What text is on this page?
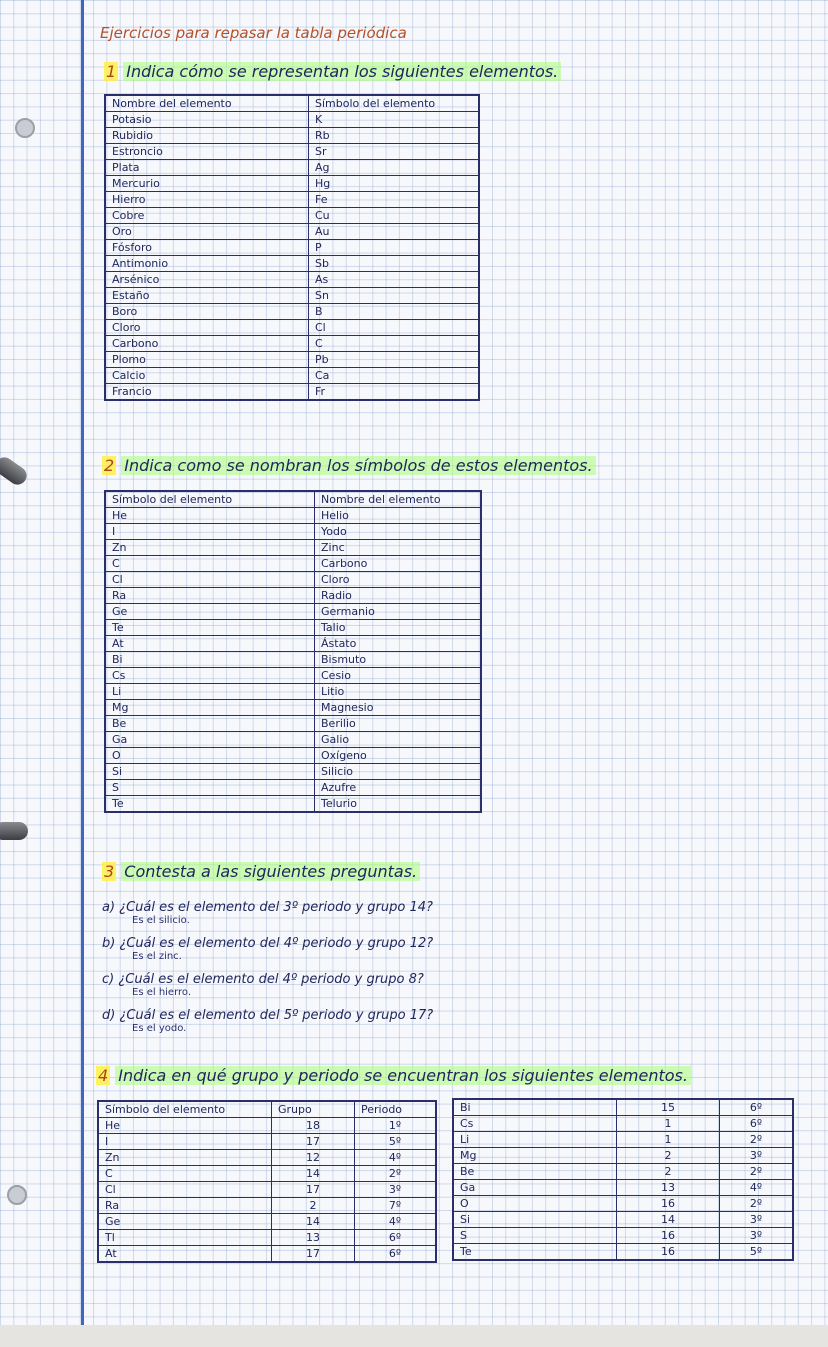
Ejercicios para repasar la tabla periódica
1 Indica cómo se representan los siguientes elementos.
Nombre del elemento	Símbolo del elemento
Potasio	K
Rubidio	Rb
Estroncio	Sr
Plata	Ag
Mercurio	Hg
Hierro	Fe
Cobre	Cu
Oro	Au
Fósforo	P
Antimonio	Sb
Arsénico	As
Estaño	Sn
Boro	B
Cloro	Cl
Carbono	C
Plomo	Pb
Calcio	Ca
Francio	Fr
2 Indica como se nombran los símbolos de estos elementos.
Símbolo del elemento	Nombre del elemento
He	Helio
I	Yodo
Zn	Zinc
C	Carbono
Cl	Cloro
Ra	Radio
Ge	Germanio
Te	Talio
At	Ástato
Bi	Bismuto
Cs	Cesio
Li	Litio
Mg	Magnesio
Be	Berilio
Ga	Galio
O	Oxígeno
Si	Silicio
S	Azufre
Te	Telurio
3 Contesta a las siguientes preguntas.
a) ¿Cuál es el elemento del 3º periodo y grupo 14?
Es el silicio.
b) ¿Cuál es el elemento del 4º periodo y grupo 12?
Es el zinc.
c) ¿Cuál es el elemento del 4º periodo y grupo 8?
Es el hierro.
d) ¿Cuál es el elemento del 5º periodo y grupo 17?
Es el yodo.
4 Indica en qué grupo y periodo se encuentran los siguientes elementos.
Símbolo del elemento	Grupo	Periodo
He	18	1º
I	17	5º
Zn	12	4º
C	14	2º
Cl	17	3º
Ra	2	7º
Ge	14	4º
Tl	13	6º
At	17	6º
Bi	15	6º
Cs	1	6º
Li	1	2º
Mg	2	3º
Be	2	2º
Ga	13	4º
O	16	2º
Si	14	3º
S	16	3º
Te	16	5º
